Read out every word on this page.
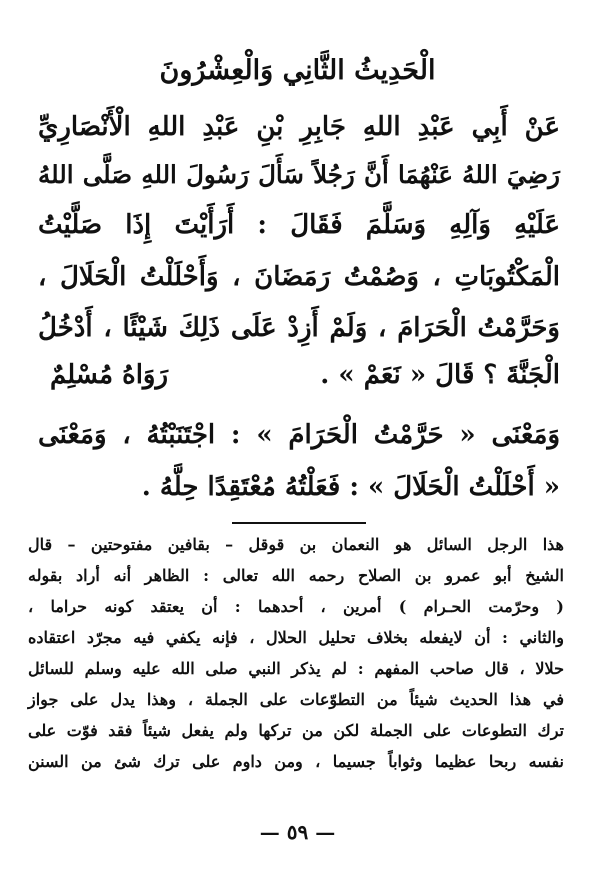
الْحَدِيثُ الثَّانِي وَالْعِشْرُونَ
عَنْ أَبِي عَبْدِ اللهِ جَابِرِ بْنِ عَبْدِ اللهِ الْأَنْصَارِيِّ
رَضِيَ اللهُ عَنْهُمَا أَنَّ رَجُلاً سَأَلَ رَسُولَ اللهِ صَلَّى اللهُ
عَلَيْهِ وَآلِهِ وَسَلَّمَ فَقَالَ : أَرَأَيْتَ إِذَا صَلَّيْتُ
الْمَكْتُوبَاتِ ، وَصُمْتُ رَمَضَانَ ، وَأَحْلَلْتُ الْحَلَالَ ،
وَحَرَّمْتُ الْحَرَامَ ، وَلَمْ أَزِدْ عَلَى ذَلِكَ شَيْئًا ، أَدْخُلُ
الْجَنَّةَ ؟ قَالَ « نَعَمْ » .
رَوَاهُ مُسْلِمٌ
وَمَعْنَى « حَرَّمْتُ الْحَرَامَ » : اجْتَنَبْتُهُ ، وَمَعْنَى
« أَحْلَلْتُ الْحَلَالَ » : فَعَلْتُهُ مُعْتَقِدًا حِلَّهُ .
هذا الرجل السائل هو النعمان بن قوقل – بقافين مفتوحتين – قال
الشيخ أبو عمرو بن الصلاح رحمه الله تعالى : الظاهر أنه أراد بقوله
( وحرّمت الحـرام ) أمرين ، أحدهما : أن يعتقد كونه حراما ،
والثاني : أن لايفعله بخلاف تحليل الحلال ، فإنه يكفي فيه مجرّد اعتقاده
حلالا ، قال صاحب المفهم : لم يذكر النبي صلى الله عليه وسلم للسائل
في هذا الحديث شيئاً من التطوّعات على الجملة ، وهذا يدل على جواز
ترك التطوعات على الجملة لكن من تركها ولم يفعل شيئاً فقد فوّت على
نفسه ربحا عظيما وثواباً جسيما ، ومن داوم على ترك شئ من السنن
— ٥٩ —
